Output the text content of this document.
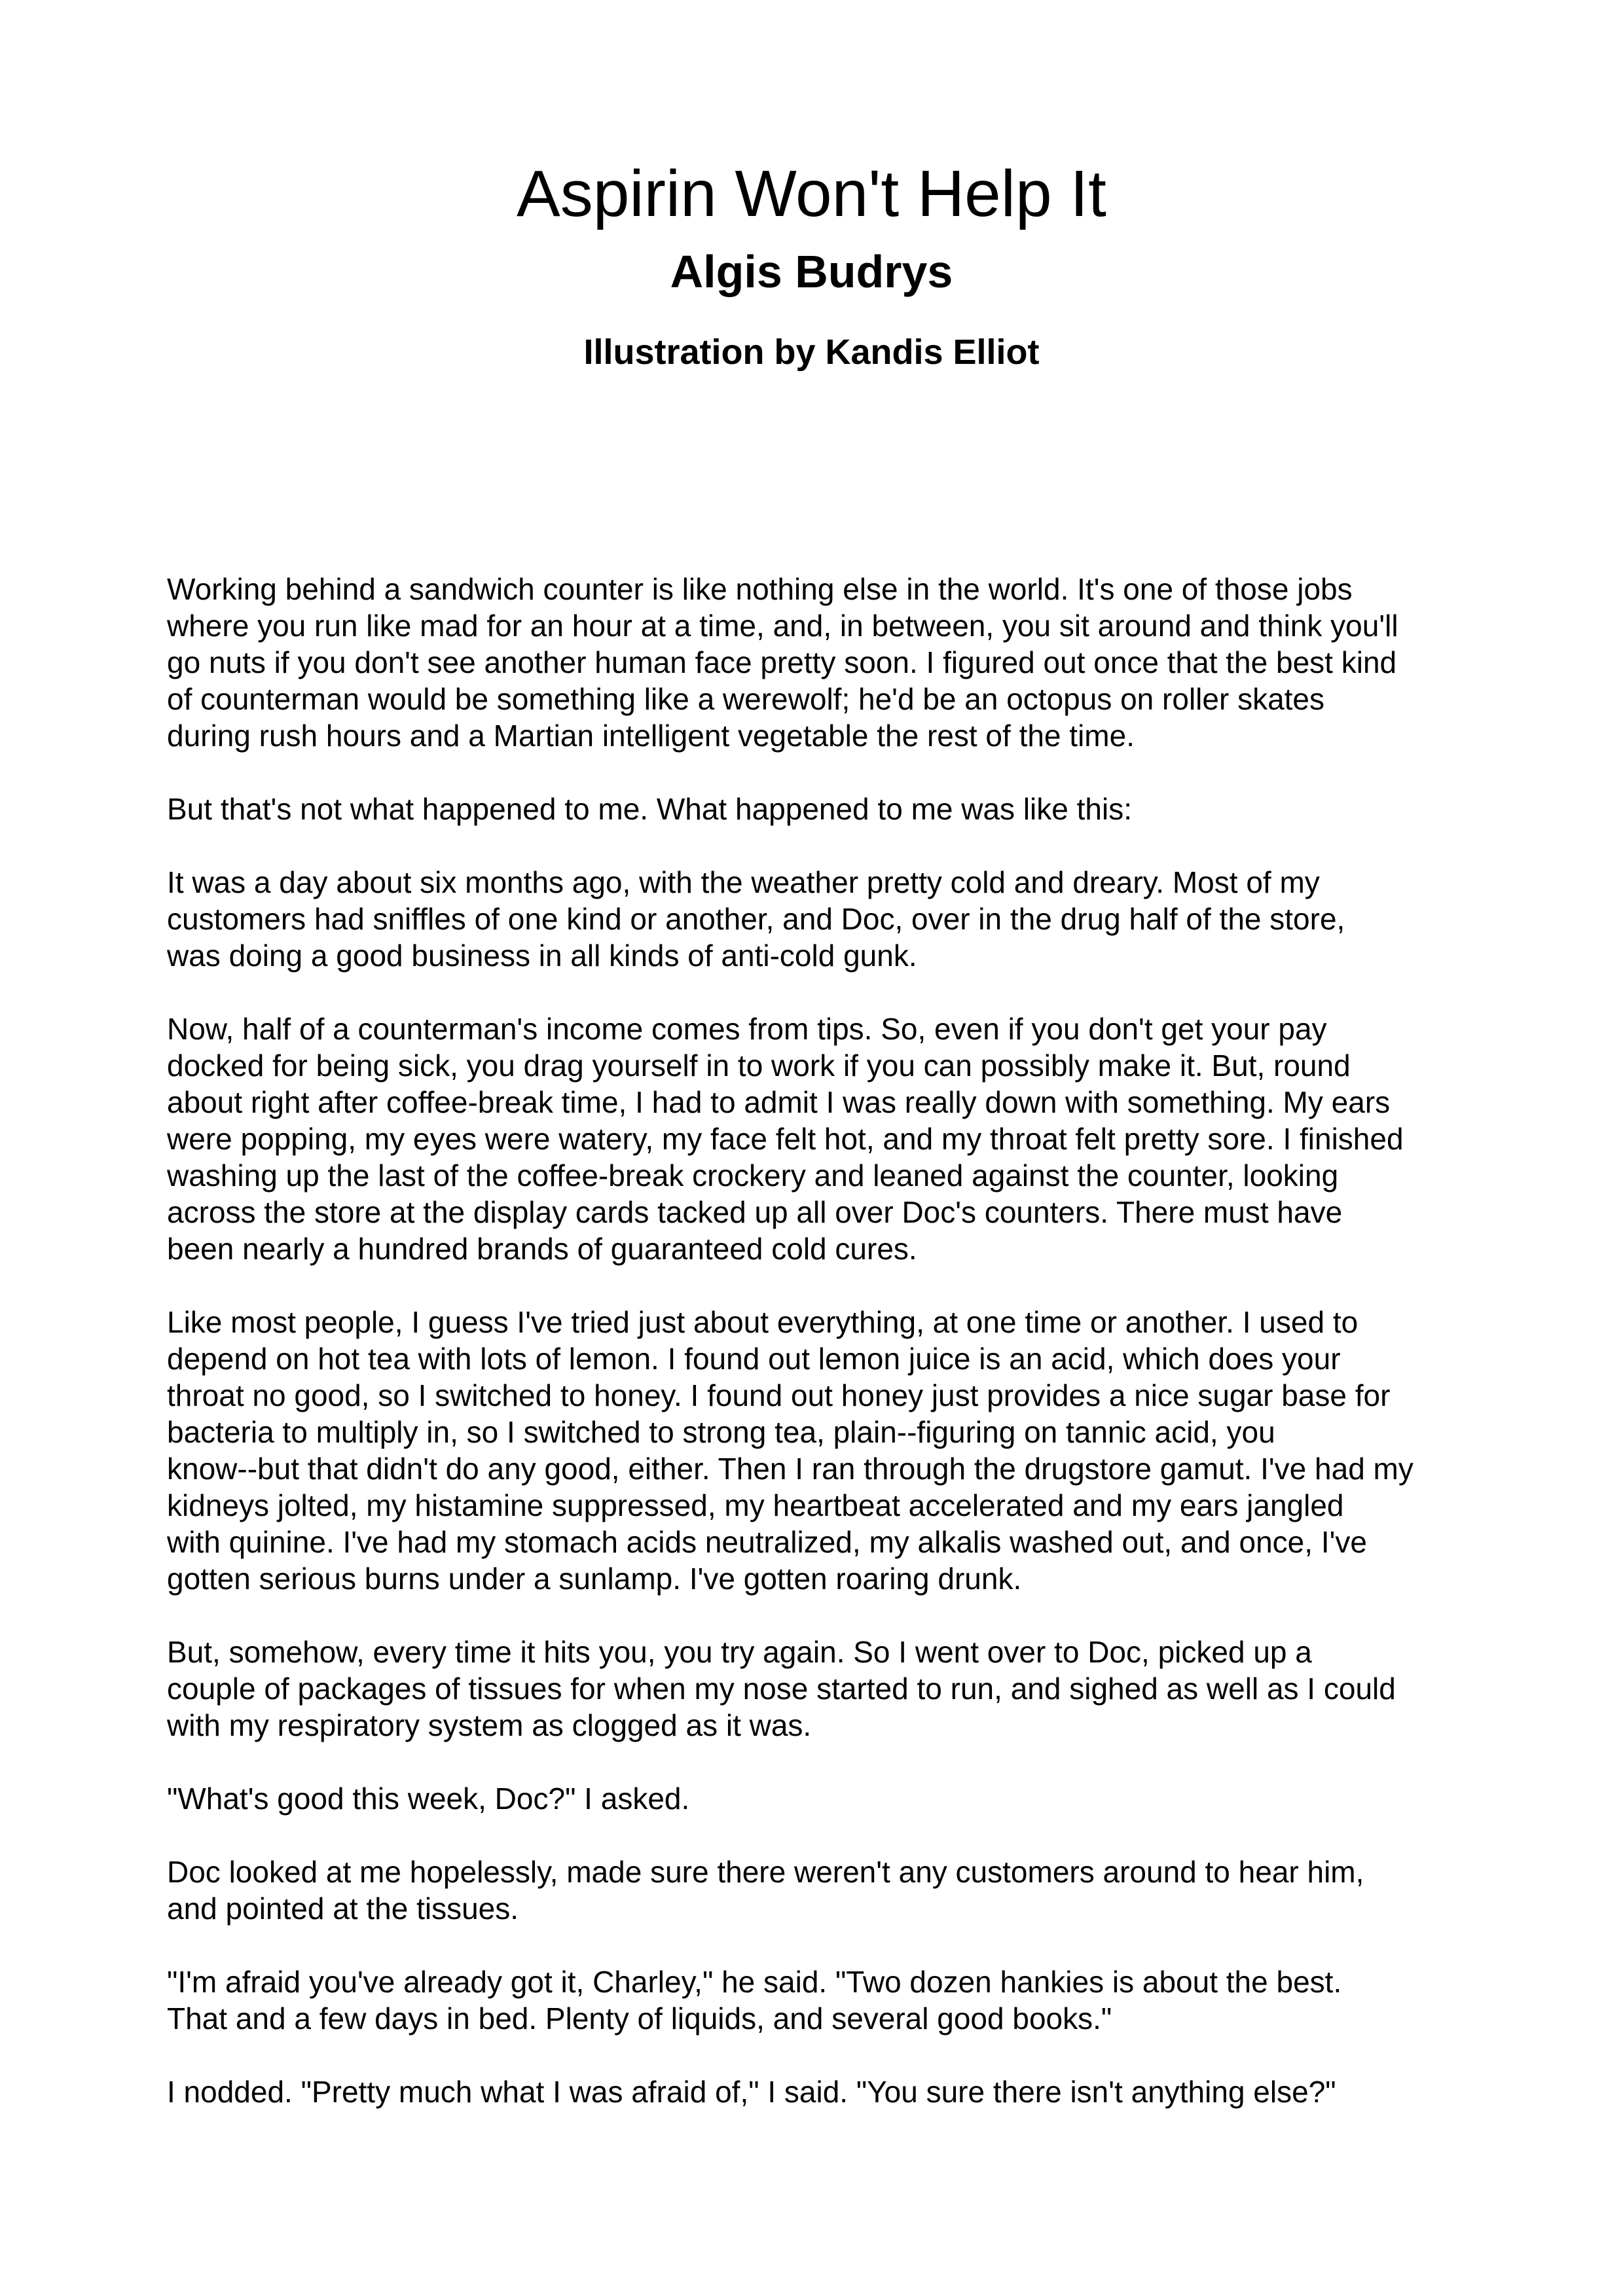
Aspirin Won't Help It
Algis Budrys
Illustration by Kandis Elliot

Working behind a sandwich counter is like nothing else in the world. It's one of those jobs
where you run like mad for an hour at a time, and, in between, you sit around and think you'll
go nuts if you don't see another human face pretty soon. I figured out once that the best kind
of counterman would be something like a werewolf; he'd be an octopus on roller skates
during rush hours and a Martian intelligent vegetable the rest of the time.

But that's not what happened to me. What happened to me was like this:

It was a day about six months ago, with the weather pretty cold and dreary. Most of my
customers had sniffles of one kind or another, and Doc, over in the drug half of the store,
was doing a good business in all kinds of anti-cold gunk.

Now, half of a counterman's income comes from tips. So, even if you don't get your pay
docked for being sick, you drag yourself in to work if you can possibly make it. But, round
about right after coffee-break time, I had to admit I was really down with something. My ears
were popping, my eyes were watery, my face felt hot, and my throat felt pretty sore. I finished
washing up the last of the coffee-break crockery and leaned against the counter, looking
across the store at the display cards tacked up all over Doc's counters. There must have
been nearly a hundred brands of guaranteed cold cures.

Like most people, I guess I've tried just about everything, at one time or another. I used to
depend on hot tea with lots of lemon. I found out lemon juice is an acid, which does your
throat no good, so I switched to honey. I found out honey just provides a nice sugar base for
bacteria to multiply in, so I switched to strong tea, plain--figuring on tannic acid, you
know--but that didn't do any good, either. Then I ran through the drugstore gamut. I've had my
kidneys jolted, my histamine suppressed, my heartbeat accelerated and my ears jangled
with quinine. I've had my stomach acids neutralized, my alkalis washed out, and once, I've
gotten serious burns under a sunlamp. I've gotten roaring drunk.

But, somehow, every time it hits you, you try again. So I went over to Doc, picked up a
couple of packages of tissues for when my nose started to run, and sighed as well as I could
with my respiratory system as clogged as it was.

"What's good this week, Doc?" I asked.

Doc looked at me hopelessly, made sure there weren't any customers around to hear him,
and pointed at the tissues.

"I'm afraid you've already got it, Charley," he said. "Two dozen hankies is about the best.
That and a few days in bed. Plenty of liquids, and several good books."

I nodded. "Pretty much what I was afraid of," I said. "You sure there isn't anything else?"
